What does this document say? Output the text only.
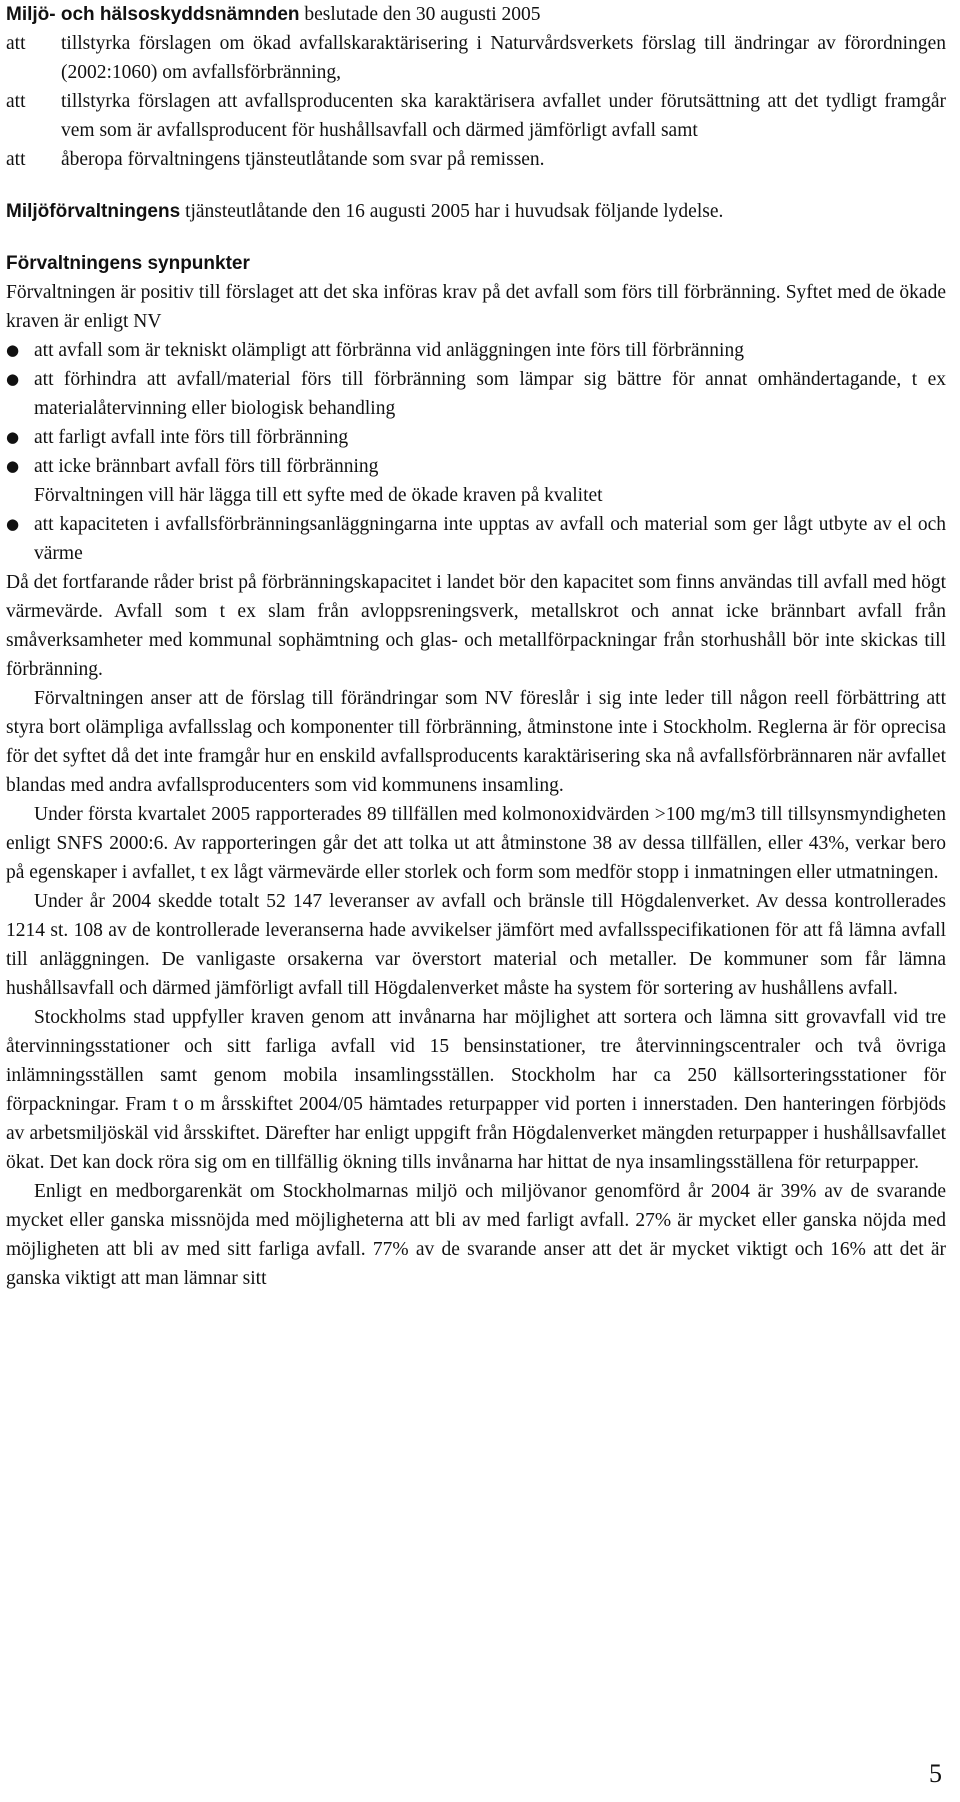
Miljö- och hälsoskyddsnämnden beslutade den 30 augusti 2005
att	tillstyrka förslagen om ökad avfallskaraktärisering i Naturvårdsverkets förslag till ändringar av förordningen (2002:1060) om avfallsförbränning,
att	tillstyrka förslagen att avfallsproducenten ska karaktärisera avfallet under förutsättning att det tydligt framgår vem som är avfallsproducent för hushållsavfall och därmed jämförligt avfall samt
att	åberopa förvaltningens tjänsteutlåtande som svar på remissen.

Miljöförvaltningens tjänsteutlåtande den 16 augusti 2005 har i huvudsak följande lydelse.

Förvaltningens synpunkter

Förvaltningen är positiv till förslaget att det ska införas krav på det avfall som förs till förbränning. Syftet med de ökade kraven är enligt NV

● att avfall som är tekniskt olämpligt att förbränna vid anläggningen inte förs till förbränning
● att förhindra att avfall/material förs till förbränning som lämpar sig bättre för annat omhändertagande, t ex materialåtervinning eller biologisk behandling
● att farligt avfall inte förs till förbränning
● att icke brännbart avfall förs till förbränning
Förvaltningen vill här lägga till ett syfte med de ökade kraven på kvalitet
● att kapaciteten i avfallsförbränningsanläggningarna inte upptas av avfall och material som ger lågt utbyte av el och värme

Då det fortfarande råder brist på förbränningskapacitet i landet bör den kapacitet som finns användas till avfall med högt värmevärde. Avfall som t ex slam från avloppsreningsverk, metallskrot och annat icke brännbart avfall från småverksamheter med kommunal sophämtning och glas- och metallförpackningar från storhushåll bör inte skickas till förbränning.

Förvaltningen anser att de förslag till förändringar som NV föreslår i sig inte leder till någon reell förbättring att styra bort olämpliga avfallsslag och komponenter till förbränning, åtminstone inte i Stockholm. Reglerna är för oprecisa för det syftet då det inte framgår hur en enskild avfallsproducents karaktärisering ska nå avfallsförbrännaren när avfallet blandas med andra avfallsproducenters som vid kommunens insamling.

Under första kvartalet 2005 rapporterades 89 tillfällen med kolmonoxidvärden >100 mg/m3 till tillsynsmyndigheten enligt SNFS 2000:6. Av rapporteringen går det att tolka ut att åtminstone 38 av dessa tillfällen, eller 43%, verkar bero på egenskaper i avfallet, t ex lågt värmevärde eller storlek och form som medför stopp i inmatningen eller utmatningen.

Under år 2004 skedde totalt 52 147 leveranser av avfall och bränsle till Högdalenverket. Av dessa kontrollerades 1214 st. 108 av de kontrollerade leveranserna hade avvikelser jämfört med avfallsspecifikationen för att få lämna avfall till anläggningen. De vanligaste orsakerna var överstort material och metaller. De kommuner som får lämna hushållsavfall och därmed jämförligt avfall till Högdalenverket måste ha system för sortering av hushållens avfall.

Stockholms stad uppfyller kraven genom att invånarna har möjlighet att sortera och lämna sitt grovavfall vid tre återvinningsstationer och sitt farliga avfall vid 15 bensinstationer, tre återvinningscentraler och två övriga inlämningsställen samt genom mobila insamlingsställen. Stockholm har ca 250 källsorteringsstationer för förpackningar. Fram t o m årsskiftet 2004/05 hämtades returpapper vid porten i innerstaden. Den hanteringen förbjöds av arbetsmiljöskäl vid årsskiftet. Därefter har enligt uppgift från Högdalenverket mängden returpapper i hushållsavfallet ökat. Det kan dock röra sig om en tillfällig ökning tills invånarna har hittat de nya insamlingsställena för returpapper.

Enligt en medborgarenkät om Stockholmarnas miljö och miljövanor genomförd år 2004 är 39% av de svarande mycket eller ganska missnöjda med möjligheterna att bli av med farligt avfall. 27% är mycket eller ganska nöjda med möjligheten att bli av med sitt farliga avfall. 77% av de svarande anser att det är mycket viktigt och 16% att det är ganska viktigt att man lämnar sitt

5
